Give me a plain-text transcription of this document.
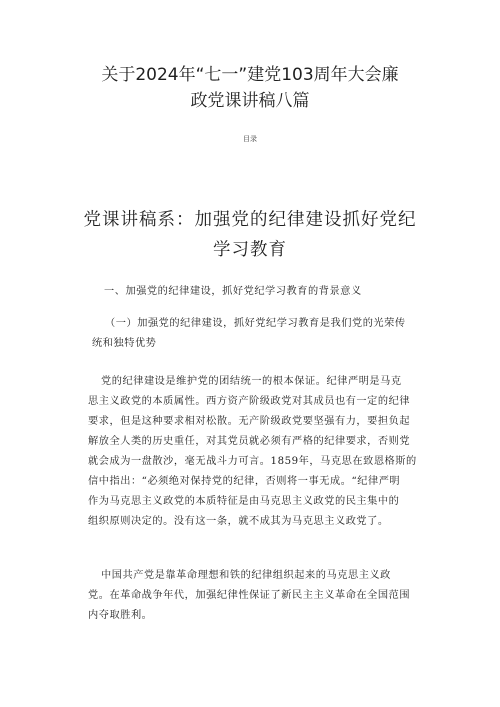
关于2024年“七一”建党103周年大会廉
政党课讲稿八篇
目录
党课讲稿系：加强党的纪律建设抓好党纪
学习教育
一、加强党的纪律建设，抓好党纪学习教育的背景意义
（一）加强党的纪律建设，抓好党纪学习教育是我们党的光荣传
统和独特优势
党的纪律建设是维护党的团结统一的根本保证。纪律严明是马克
思主义政党的本质属性。西方资产阶级政党对其成员也有一定的纪律
要求，但是这种要求相对松散。无产阶级政党要坚强有力，要担负起
解放全人类的历史重任，对其党员就必须有严格的纪律要求，否则党
就会成为一盘散沙，毫无战斗力可言。1859年，马克思在致恩格斯的
信中指出：“必须绝对保持党的纪律，否则将一事无成。“纪律严明
作为马克思主义政党的本质特征是由马克思主义政党的民主集中的
组织原则决定的。没有这一条，就不成其为马克思主义政党了。
中国共产党是靠革命理想和铁的纪律组织起来的马克思主义政
党。在革命战争年代，加强纪律性保证了新民主主义革命在全国范围
内夺取胜利。
